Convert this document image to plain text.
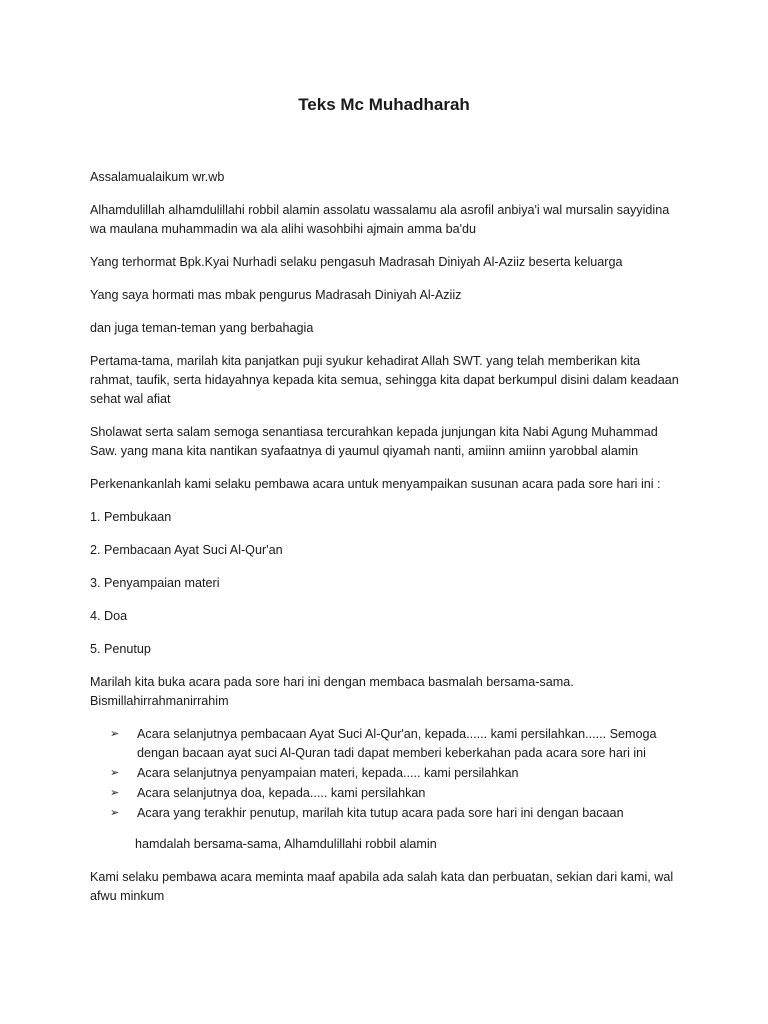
Teks Mc Muhadharah

Assalamualaikum wr.wb

Alhamdulillah alhamdulillahi robbil alamin assolatu wassalamu ala asrofil anbiya'i wal mursalin sayyidina wa maulana muhammadin wa ala alihi wasohbihi ajmain amma ba'du

Yang terhormat Bpk.Kyai Nurhadi selaku pengasuh Madrasah Diniyah Al-Aziiz beserta keluarga

Yang saya hormati mas mbak pengurus Madrasah Diniyah Al-Aziiz

dan juga teman-teman yang berbahagia

Pertama-tama, marilah kita panjatkan puji syukur kehadirat Allah SWT. yang telah memberikan kita rahmat, taufik, serta hidayahnya kepada kita semua, sehingga kita dapat berkumpul disini dalam keadaan sehat wal afiat

Sholawat serta salam semoga senantiasa tercurahkan kepada junjungan kita Nabi Agung Muhammad Saw. yang mana kita nantikan syafaatnya di yaumul qiyamah nanti, amiinn amiinn yarobbal alamin

Perkenankanlah kami selaku pembawa acara untuk menyampaikan susunan acara pada sore hari ini :

1. Pembukaan
2. Pembacaan Ayat Suci Al-Qur'an
3. Penyampaian materi
4. Doa
5. Penutup

Marilah kita buka acara pada sore hari ini dengan membaca basmalah bersama-sama.
Bismillahirrahmanirrahim

➢ Acara selanjutnya pembacaan Ayat Suci Al-Qur'an, kepada...... kami persilahkan...... Semoga dengan bacaan ayat suci Al-Quran tadi dapat memberi keberkahan pada acara sore hari ini
➢ Acara selanjutnya penyampaian materi, kepada..... kami persilahkan
➢ Acara selanjutnya doa, kepada..... kami persilahkan
➢ Acara yang terakhir penutup, marilah kita tutup acara pada sore hari ini dengan bacaan

hamdalah bersama-sama, Alhamdulillahi robbil alamin

Kami selaku pembawa acara meminta maaf apabila ada salah kata dan perbuatan, sekian dari kami, wal afwu minkum
